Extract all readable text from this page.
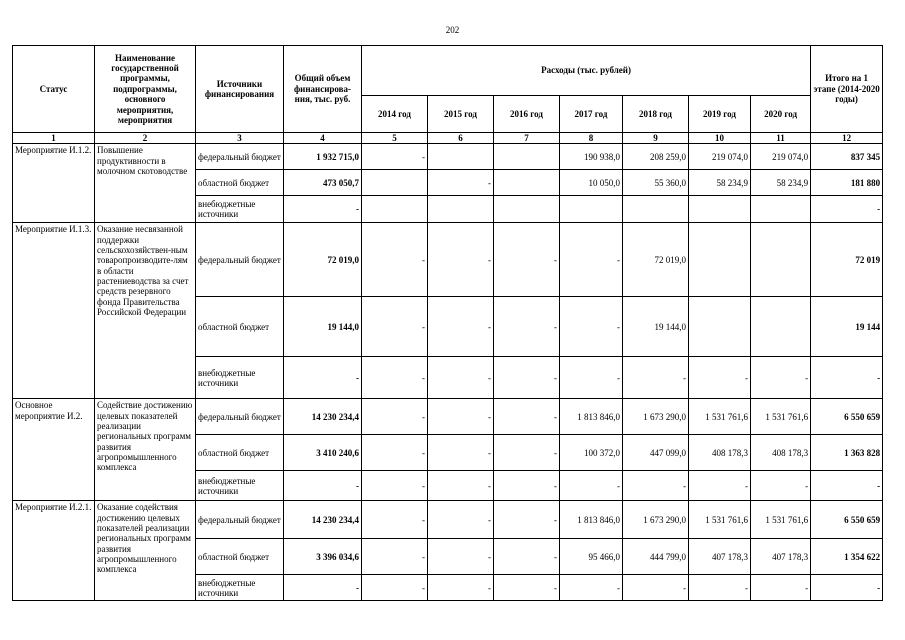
202
Статус	Наименование государственной программы, подпрограммы, основного мероприятия, мероприятия	Источники финансирования	Общий объем финансирова-ния, тыс. руб.	Расходы (тыс. рублей)							Итого на 1 этапе (2014-2020 годы)
				2014 год	2015 год	2016 год	2017 год	2018 год	2019 год	2020 год	
1	2	3	4	5	6	7	8	9	10	11	12
Мероприятие И.1.2.	Повышение продуктивности в молочном скотоводстве	федеральный бюджет	1 932 715,0	-			190 938,0	208 259,0	219 074,0	219 074,0	837 345
		областной бюджет	473 050,7		-		10 050,0	55 360,0	58 234,9	58 234,9	181 880
		внебюджетные источники	-								-
Мероприятие И.1.3.	Оказание несвязанной поддержки сельскохозяйствен-ным товаропроизводите-лям в области растениеводства за счет средств резервного фонда Правительства Российской Федерации	федеральный бюджет	72 019,0	-	-	-	-	72 019,0			72 019
		областной бюджет	19 144,0	-	-	-	-	19 144,0			19 144
		внебюджетные источники	-	-	-	-	-	-	-	-	-
Основное мероприятие И.2.	Содействие достижению целевых показателей реализации региональных программ развития агропромышленного комплекса	федеральный бюджет	14 230 234,4	-	-	-	1 813 846,0	1 673 290,0	1 531 761,6	1 531 761,6	6 550 659
		областной бюджет	3 410 240,6	-	-	-	100 372,0	447 099,0	408 178,3	408 178,3	1 363 828
		внебюджетные источники	-	-	-	-	-	-	-	-	-
Мероприятие И.2.1.	Оказание содействия достижению целевых показателей реализации региональных программ развития агропромышленного комплекса	федеральный бюджет	14 230 234,4	-	-	-	1 813 846,0	1 673 290,0	1 531 761,6	1 531 761,6	6 550 659
		областной бюджет	3 396 034,6	-	-	-	95 466,0	444 799,0	407 178,3	407 178,3	1 354 622
		внебюджетные источники	-	-	-	-	-	-	-	-	-
